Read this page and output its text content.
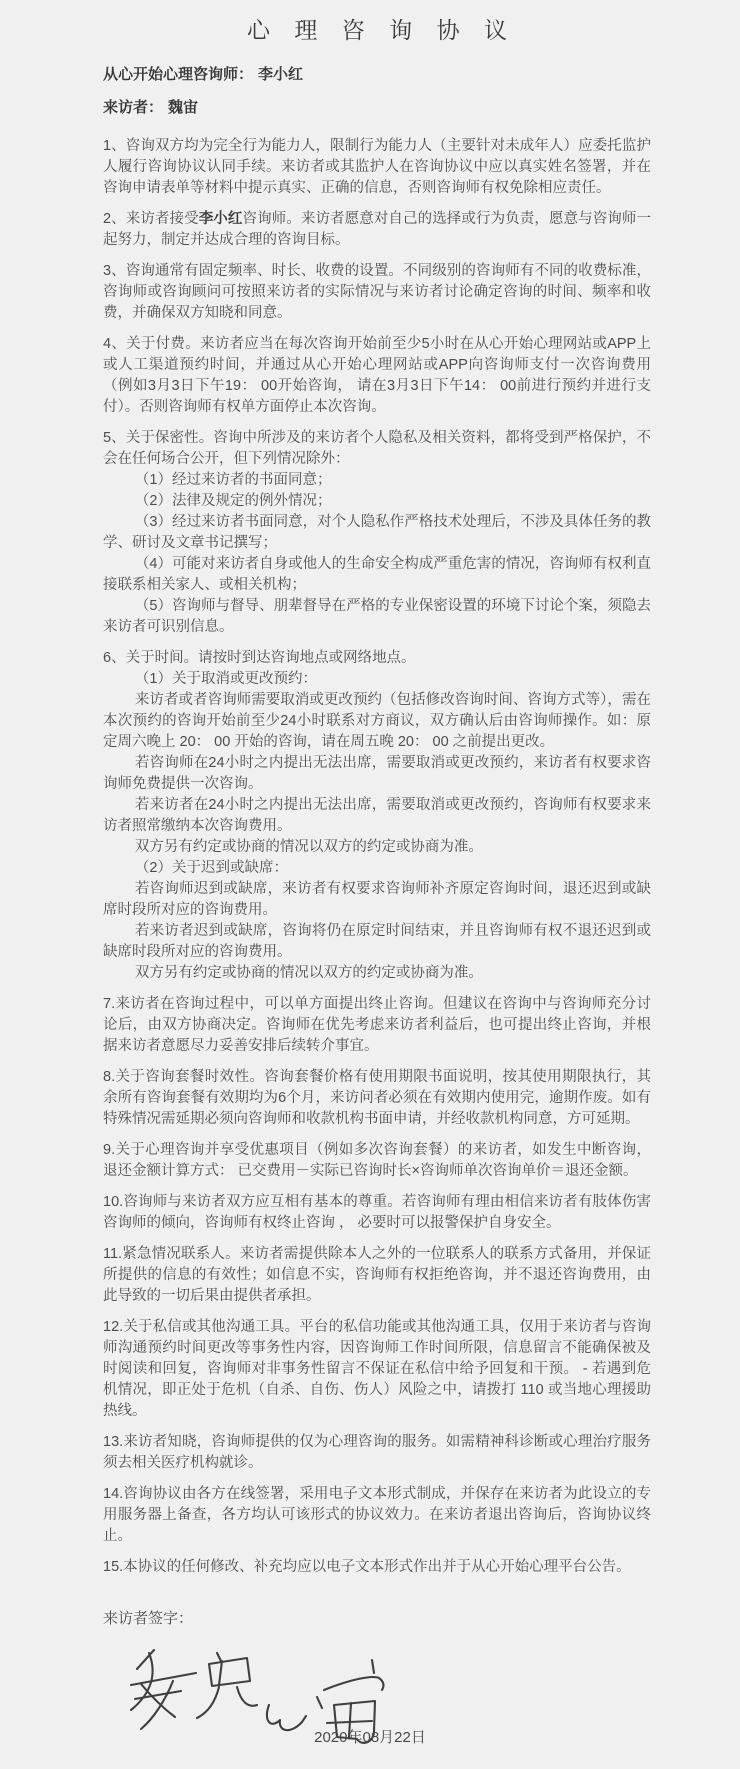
心 理 咨 询 协 议

从心开始心理咨询师： 李小红

来访者： 魏宙

1、咨询双方均为完全行为能力人，限制行为能力人（主要针对未成年人）应委托监护人履行咨询协议认同手续。来访者或其监护人在咨询协议中应以真实姓名签署，并在咨询申请表单等材料中提示真实、正确的信息，否则咨询师有权免除相应责任。

2、来访者接受李小红咨询师。来访者愿意对自己的选择或行为负责，愿意与咨询师一起努力，制定并达成合理的咨询目标。

3、咨询通常有固定频率、时长、收费的设置。不同级别的咨询师有不同的收费标准，咨询师或咨询顾问可按照来访者的实际情况与来访者讨论确定咨询的时间、频率和收费，并确保双方知晓和同意。

4、关于付费。来访者应当在每次咨询开始前至少5小时在从心开始心理网站或APP上或人工渠道预约时间，并通过从心开始心理网站或APP向咨询师支付一次咨询费用（例如3月3日下午19： 00开始咨询， 请在3月3日下午14： 00前进行预约并进行支付）。否则咨询师有权单方面停止本次咨询。

5、关于保密性。咨询中所涉及的来访者个人隐私及相关资料，都将受到严格保护，不会在任何场合公开，但下列情况除外：

（1）经过来访者的书面同意；

（2）法律及规定的例外情况；

（3）经过来访者书面同意，对个人隐私作严格技术处理后，不涉及具体任务的教学、研讨及文章书记撰写；

（4）可能对来访者自身或他人的生命安全构成严重危害的情况，咨询师有权利直接联系相关家人、或相关机构；

（5）咨询师与督导、朋辈督导在严格的专业保密设置的环境下讨论个案，须隐去来访者可识别信息。

6、关于时间。请按时到达咨询地点或网络地点。

（1）关于取消或更改预约：

来访者或者咨询师需要取消或更改预约（包括修改咨询时间、咨询方式等），需在本次预约的咨询开始前至少24小时联系对方商议，双方确认后由咨询师操作。如：原定周六晚上 20： 00 开始的咨询，请在周五晚 20： 00 之前提出更改。

若咨询师在24小时之内提出无法出席，需要取消或更改预约，来访者有权要求咨询师免费提供一次咨询。

若来访者在24小时之内提出无法出席，需要取消或更改预约，咨询师有权要求来访者照常缴纳本次咨询费用。

双方另有约定或协商的情况以双方的约定或协商为准。

（2）关于迟到或缺席：

若咨询师迟到或缺席，来访者有权要求咨询师补齐原定咨询时间，退还迟到或缺席时段所对应的咨询费用。

若来访者迟到或缺席，咨询将仍在原定时间结束，并且咨询师有权不退还迟到或缺席时段所对应的咨询费用。

双方另有约定或协商的情况以双方的约定或协商为准。

7.来访者在咨询过程中，可以单方面提出终止咨询。但建议在咨询中与咨询师充分讨论后，由双方协商决定。咨询师在优先考虑来访者利益后，也可提出终止咨询，并根据来访者意愿尽力妥善安排后续转介事宜。

8.关于咨询套餐时效性。咨询套餐价格有使用期限书面说明，按其使用期限执行，其余所有咨询套餐有效期均为6个月，来访问者必须在有效期内使用完，逾期作废。如有特殊情况需延期必须向咨询师和收款机构书面申请，并经收款机构同意，方可延期。

9.关于心理咨询并享受优惠项目（例如多次咨询套餐）的来访者，如发生中断咨询，退还金额计算方式： 已交费用－实际已咨询时长×咨询师单次咨询单价＝退还金额。

10.咨询师与来访者双方应互相有基本的尊重。若咨询师有理由相信来访者有肢体伤害咨询师的倾向，咨询师有权终止咨询 ， 必要时可以报警保护自身安全。

11.紧急情况联系人。来访者需提供除本人之外的一位联系人的联系方式备用，并保证所提供的信息的有效性；如信息不实，咨询师有权拒绝咨询，并不退还咨询费用，由此导致的一切后果由提供者承担。

12.关于私信或其他沟通工具。平台的私信功能或其他沟通工具，仅用于来访者与咨询师沟通预约时间更改等事务性内容，因咨询师工作时间所限，信息留言不能确保被及时阅读和回复，咨询师对非事务性留言不保证在私信中给予回复和干预。 - 若遇到危机情况，即正处于危机（自杀、自伤、伤人）风险之中，请拨打 110 或当地心理援助热线。

13.来访者知晓，咨询师提供的仅为心理咨询的服务。如需精神科诊断或心理治疗服务须去相关医疗机构就诊。

14.咨询协议由各方在线签署，采用电子文本形式制成，并保存在来访者为此设立的专用服务器上备查，各方均认可该形式的协议效力。在来访者退出咨询后，咨询协议终止。

15.本协议的任何修改、补充均应以电子文本形式作出并于从心开始心理平台公告。

来访者签字：

2020年08月22日
